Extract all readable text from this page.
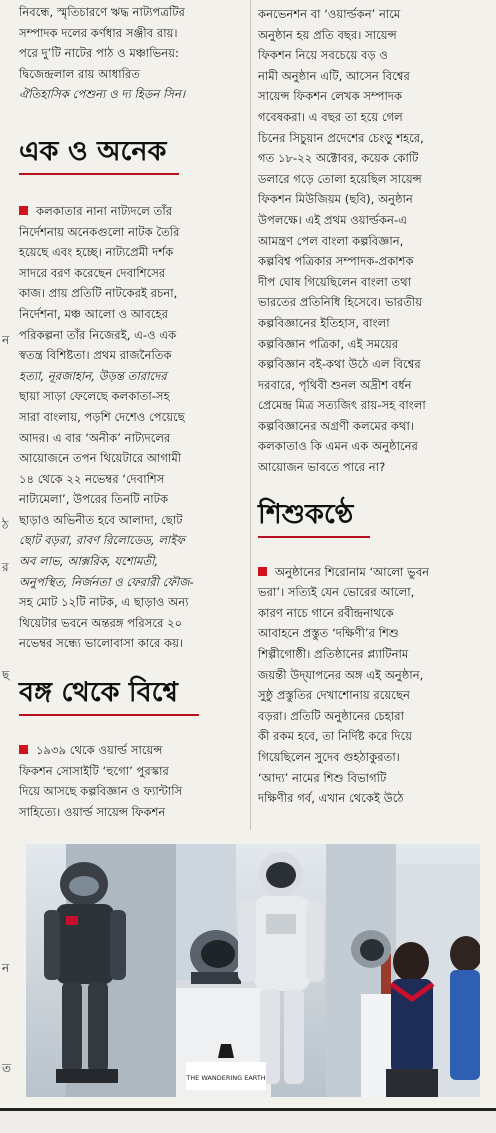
ন
ঠ
র
ছ
ন
ত

নিবন্ধে, স্মৃতিচারণে ঋদ্ধ নাট্যপত্রটির

সম্পাদক দলের কর্ণধার সঞ্জীব রায়।

পরে দু’টি নাটের পাঠ ও মঞ্চাভিনয়:

দ্বিজেন্দ্রলাল রায় আধারিত

ঐতিহাসিক পেশুন্য ও দ্য হিডন সিন।

এক ও অনেক

কলকাতার নানা নাট্যদলে তাঁর

নির্দেশনায় অনেকগুলো নাটক তৈরি

হয়েছে এবং হচ্ছে। নাট্যপ্রেমী দর্শক

সাদরে বরণ করেছেন দেবাশিসের

কাজ। প্রায় প্রতিটি নাটকেরই রচনা,

নির্দেশনা, মঞ্চ আলো ও আবহের

পরিকল্পনা তাঁর নিজেরই, এ-ও এক

স্বতন্ত্র বিশিষ্টতা। প্রথম রাজনৈতিক

হত্যা, নূরজাহান, উড়ন্ত তারাদের

ছায়া সাড়া ফেলেছে কলকাতা-সহ

সারা বাংলায়, পড়শি দেশেও পেয়েছে

আদর। এ বার ‘অনীক’ নাট্যদলের

আয়োজনে তপন থিয়েটারে আগামী

১৪ থেকে ২২ নভেম্বর ‘দেবাশিস

নাট্যমেলা’, উপরের তিনটি নাটক

ছাড়াও অভিনীত হবে আলাদা, ছোট

ছোট বড়রা, রাবণ রিলোডেড, লাইফ

অব লাভ, আক্সরিক, যশোমতী,

অনুপস্থিত, নির্জনতা ও ফেরারী ফৌজ-

সহ মোট ১২টি নাটক, এ ছাড়াও অন্য

থিয়েটার ভবনে অন্তরঙ্গ পরিসরে ২০

নভেম্বর সন্ধ্যে ভালোবাসা কারে কয়।

বঙ্গ থেকে বিশ্বে

১৯৩৯ থেকে ওয়ার্ল্ড সায়েন্স

ফিকশন সোসাইটি ‘হুগো’ পুরস্কার

দিয়ে আসছে কল্পবিজ্ঞান ও ফ্যান্টাসি

সাহিত্যে। ওয়ার্ল্ড সায়েন্স ফিকশন

কনভেনশন বা ‘ওয়ার্ল্ডকন’ নামে

অনুষ্ঠান হয় প্রতি বছর। সায়েন্স

ফিকশন নিয়ে সবচেয়ে বড় ও

নামী অনুষ্ঠান এটি, আসেন বিশ্বের

সায়েন্স ফিকশন লেখক সম্পাদক

গবেষকরা। এ বছর তা হয়ে গেল

চিনের সিচুয়ান প্রদেশের চেংড়ু শহরে,

গত ১৮-২২ অক্টোবর, কয়েক কোটি

ডলারে গড়ে তোলা হয়েছিল সায়েন্স

ফিকশন মিউজিয়ম (ছবি), অনুষ্ঠান

উপলক্ষে। এই প্রথম ওয়ার্ল্ডকন-এ

আমন্ত্রণ পেল বাংলা কল্পবিজ্ঞান,

কল্পবিশ্ব পত্রিকার সম্পাদক-প্রকাশক

দীপ ঘোষ গিয়েছিলেন বাংলা তথা

ভারতের প্রতিনিধি হিসেবে। ভারতীয়

কল্পবিজ্ঞানের ইতিহাস, বাংলা

কল্পবিজ্ঞান পত্রিকা, এই সময়ের

কল্পবিজ্ঞান বই-কথা উঠে এল বিশ্বের

দরবারে, পৃথিবী শুনল অদ্রীশ বর্ধন

প্রেমেন্দ্র মিত্র সত্যজিৎ রায়-সহ বাংলা

কল্পবিজ্ঞানের অগ্রণী কলমের কথা।

কলকাতাও কি এমন এক অনুষ্ঠানের

আয়োজন ভাবতে পারে না?

শিশুকণ্ঠে

অনুষ্ঠানের শিরোনাম ‘আলো ভুবন

ভরা’। সত্যিই যেন ভোরের আলো,

কারণ নাচে গানে রবীন্দ্রনাথকে

আবাহনে প্রস্তুত ‘দক্ষিণী’র শিশু

শিল্পীগোষ্ঠী। প্রতিষ্ঠানের প্ল্যাটিনাম

জয়ন্তী উদ্‌যাপনের অঙ্গ এই অনুষ্ঠান,

সুষ্ঠু প্রস্তুতির দেখাশোনায় রয়েছেন

বড়রা। প্রতিটি অনুষ্ঠানের চেহারা

কী রকম হবে, তা নির্দিষ্ট করে দিয়ে

গিয়েছিলেন সুদেব গুহঠাকুরতা।

‘আদ্য’ নামের শিশু বিভাগটি

দক্ষিণীর গর্ব, এখান থেকেই উঠে

THE WANDERING EARTH
